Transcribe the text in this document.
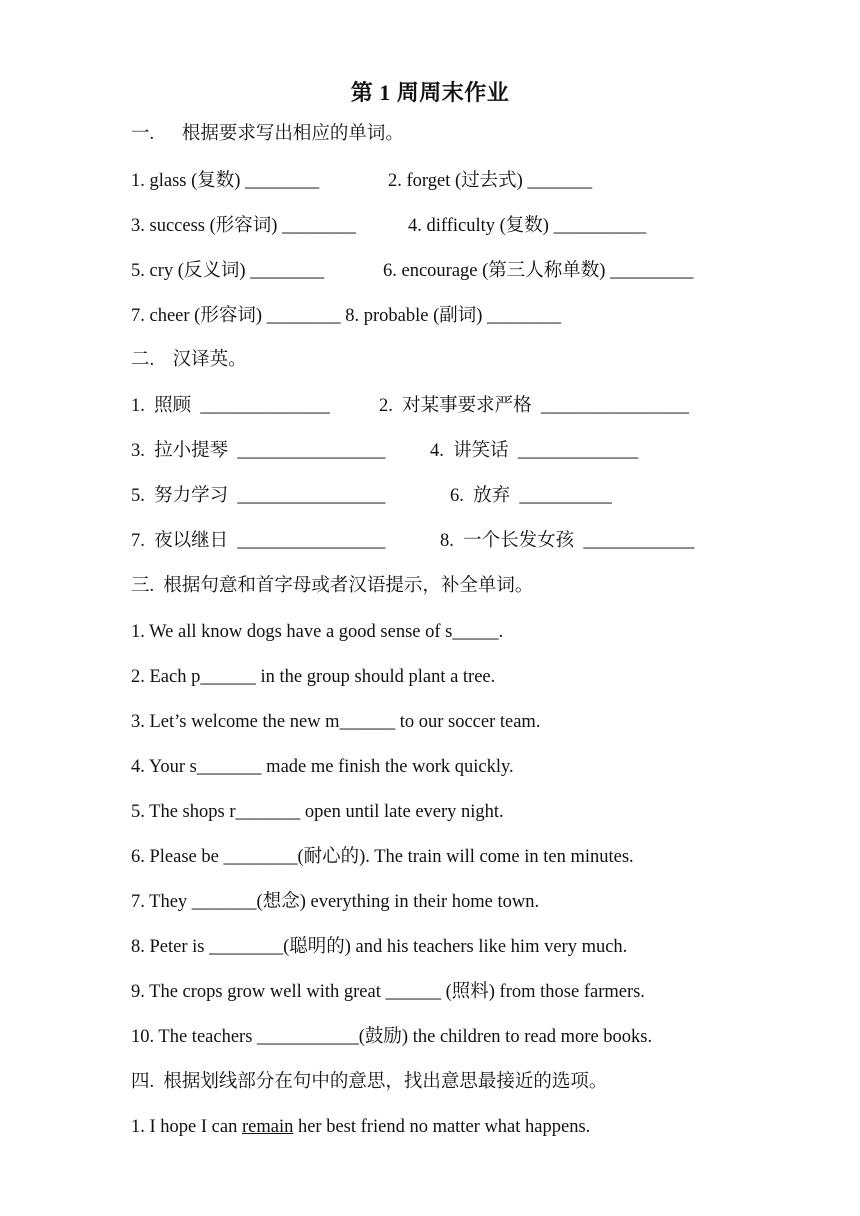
第 1 周周末作业
一.      根据要求写出相应的单词。
1. glass (复数) ________	2. forget (过去式) _______
3. success (形容词) ________	4. difficulty (复数) __________
5. cry (反义词) ________	6. encourage (第三人称单数) _________
7. cheer (形容词) ________ 8. probable (副词) ________
二.    汉译英。
1.  照顾  ______________	2.  对某事要求严格  ________________
3.  拉小提琴  ________________ 4.  讲笑话  _____________
5.  努力学习  ________________	6.  放弃  __________
7.  夜以继日  ________________	8.  一个长发女孩  ____________
三.  根据句意和首字母或者汉语提示，补全单词。
1. We all know dogs have a good sense of s_____.
2. Each p______ in the group should plant a tree.
3. Let’s welcome the new m______ to our soccer team.
4. Your s_______ made me finish the work quickly.
5. The shops r_______ open until late every night.
6. Please be ________(耐心的). The train will come in ten minutes.
7. They _______(想念) everything in their home town.
8. Peter is ________(聪明的) and his teachers like him very much.
9. The crops grow well with great ______ (照料) from those farmers.
10. The teachers ___________(鼓励) the children to read more books.
四.  根据划线部分在句中的意思，找出意思最接近的选项。
1. I hope I can remain her best friend no matter what happens.
